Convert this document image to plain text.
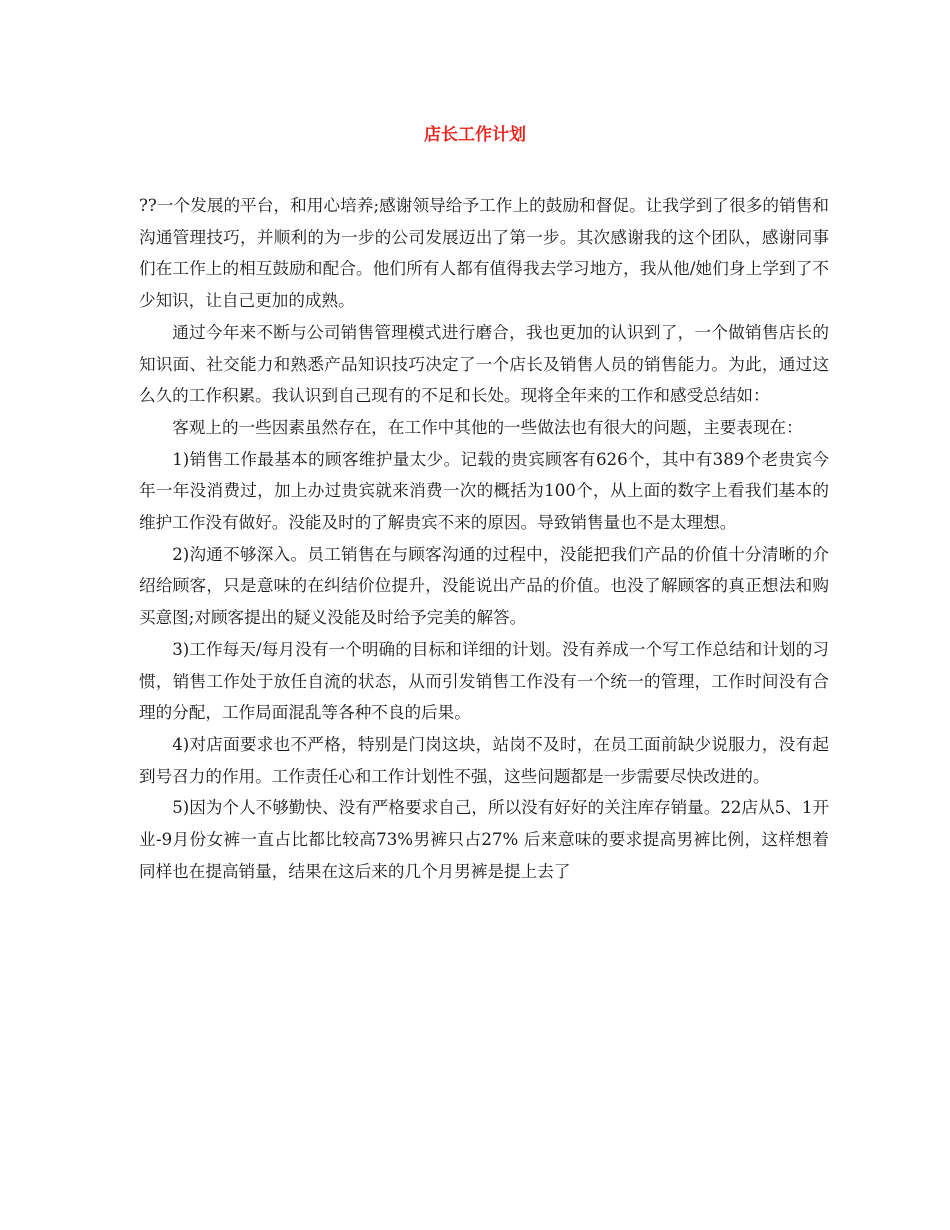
店长工作计划

??一个发展的平台，和用心培养;感谢领导给予工作上的鼓励和督促。让我学到了很多的销售和沟通管理技巧，并顺利的为一步的公司发展迈出了第一步。其次感谢我的这个团队，感谢同事们在工作上的相互鼓励和配合。他们所有人都有值得我去学习地方，我从他/她们身上学到了不少知识，让自己更加的成熟。

通过今年来不断与公司销售管理模式进行磨合，我也更加的认识到了，一个做销售店长的知识面、社交能力和熟悉产品知识技巧决定了一个店长及销售人员的销售能力。为此，通过这么久的工作积累。我认识到自己现有的不足和长处。现将全年来的工作和感受总结如：

客观上的一些因素虽然存在，在工作中其他的一些做法也有很大的问题，主要表现在：

1)销售工作最基本的顾客维护量太少。记载的贵宾顾客有626个，其中有389个老贵宾今年一年没消费过，加上办过贵宾就来消费一次的概括为100个，从上面的数字上看我们基本的维护工作没有做好。没能及时的了解贵宾不来的原因。导致销售量也不是太理想。

2)沟通不够深入。员工销售在与顾客沟通的过程中，没能把我们产品的价值十分清晰的介绍给顾客，只是意味的在纠结价位提升，没能说出产品的价值。也没了解顾客的真正想法和购买意图;对顾客提出的疑义没能及时给予完美的解答。

3)工作每天/每月没有一个明确的目标和详细的计划。没有养成一个写工作总结和计划的习惯，销售工作处于放任自流的状态，从而引发销售工作没有一个统一的管理，工作时间没有合理的分配，工作局面混乱等各种不良的后果。

4)对店面要求也不严格，特别是门岗这块，站岗不及时，在员工面前缺少说服力，没有起到号召力的作用。工作责任心和工作计划性不强，这些问题都是一步需要尽快改进的。

5)因为个人不够勤快、没有严格要求自己，所以没有好好的关注库存销量。22店从5、1开业-9月份女裤一直占比都比较高73%男裤只占27% 后来意味的要求提高男裤比例，这样想着同样也在提高销量，结果在这后来的几个月男裤是提上去了
